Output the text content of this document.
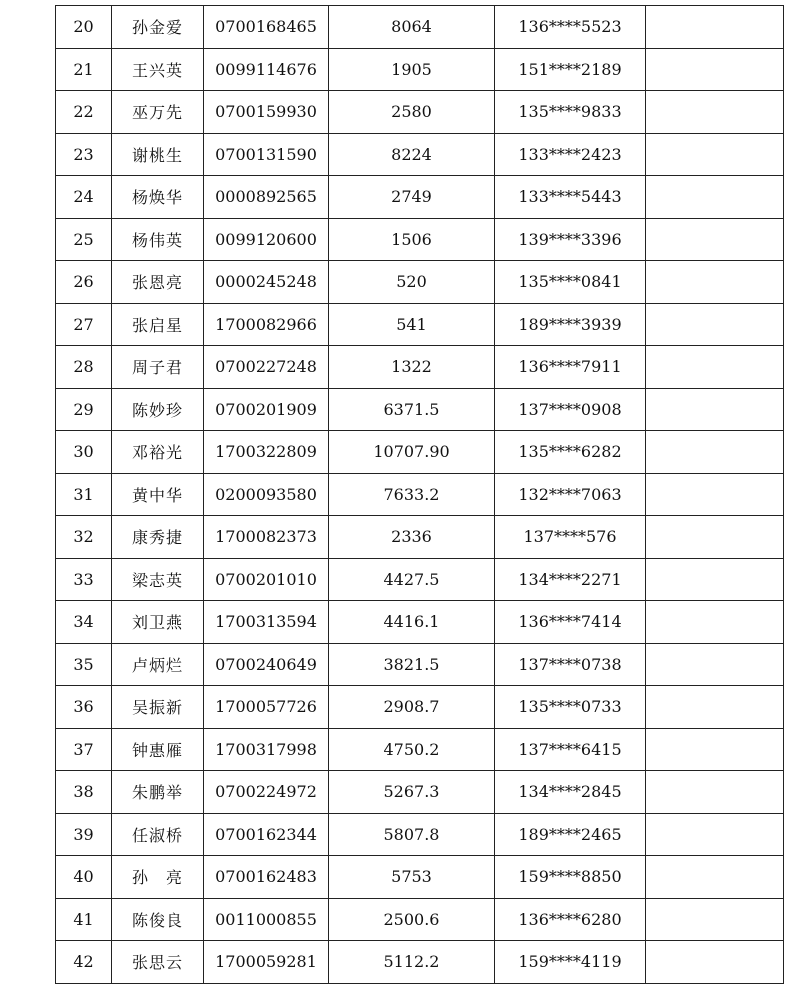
20	孙金爱	0700168465	8064	136****5523	
21	王兴英	0099114676	1905	151****2189	
22	巫万先	0700159930	2580	135****9833	
23	谢桃生	0700131590	8224	133****2423	
24	杨焕华	0000892565	2749	133****5443	
25	杨伟英	0099120600	1506	139****3396	
26	张恩亮	0000245248	520	135****0841	
27	张启星	1700082966	541	189****3939	
28	周子君	0700227248	1322	136****7911	
29	陈妙珍	0700201909	6371.5	137****0908	
30	邓裕光	1700322809	10707.90	135****6282	
31	黄中华	0200093580	7633.2	132****7063	
32	康秀捷	1700082373	2336	137****576	
33	梁志英	0700201010	4427.5	134****2271	
34	刘卫燕	1700313594	4416.1	136****7414	
35	卢炳烂	0700240649	3821.5	137****0738	
36	吴振新	1700057726	2908.7	135****0733	
37	钟惠雁	1700317998	4750.2	137****6415	
38	朱鹏举	0700224972	5267.3	134****2845	
39	任淑桥	0700162344	5807.8	189****2465	
40	孙　亮	0700162483	5753	159****8850	
41	陈俊良	0011000855	2500.6	136****6280	
42	张思云	1700059281	5112.2	159****4119	
